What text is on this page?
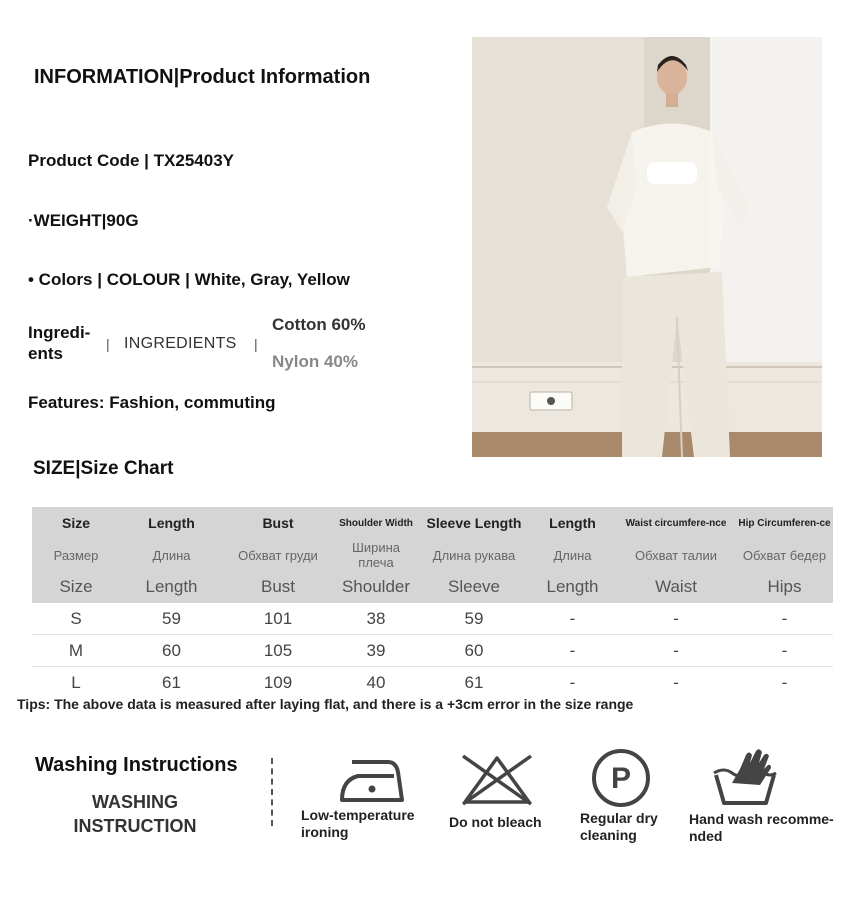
INFORMATION|Product Information
Product Code | TX25403Y
·WEIGHT|90G
• Colors | COLOUR | White, Gray, Yellow
Ingredi-
ents	| INGREDIENTS |
Cotton 60%
Nylon 40%
Features: Fashion, commuting
SIZE|Size Chart
Size	Length	Bust	Shoulder Width	Sleeve Length	Length	Waist circumfere-nce	Hip Circumferen-ce
Размер	Длина	Обхват груди	Ширина плеча	Длина рукава	Длина	Обхват талии	Обхват бедер
Size	Length	Bust	Shoulder	Sleeve	Length	Waist	Hips
S	59	101	38	59	-	-	-
M	60	105	39	60	-	-	-
L	61	109	40	61	-	-	-
Tips: The above data is measured after laying flat, and there is a +3cm error in the size range
Washing Instructions
WASHING
INSTRUCTION
Low-temperature
ironing
Do not bleach
P
Regular dry
cleaning
Hand wash recomme-
nded
